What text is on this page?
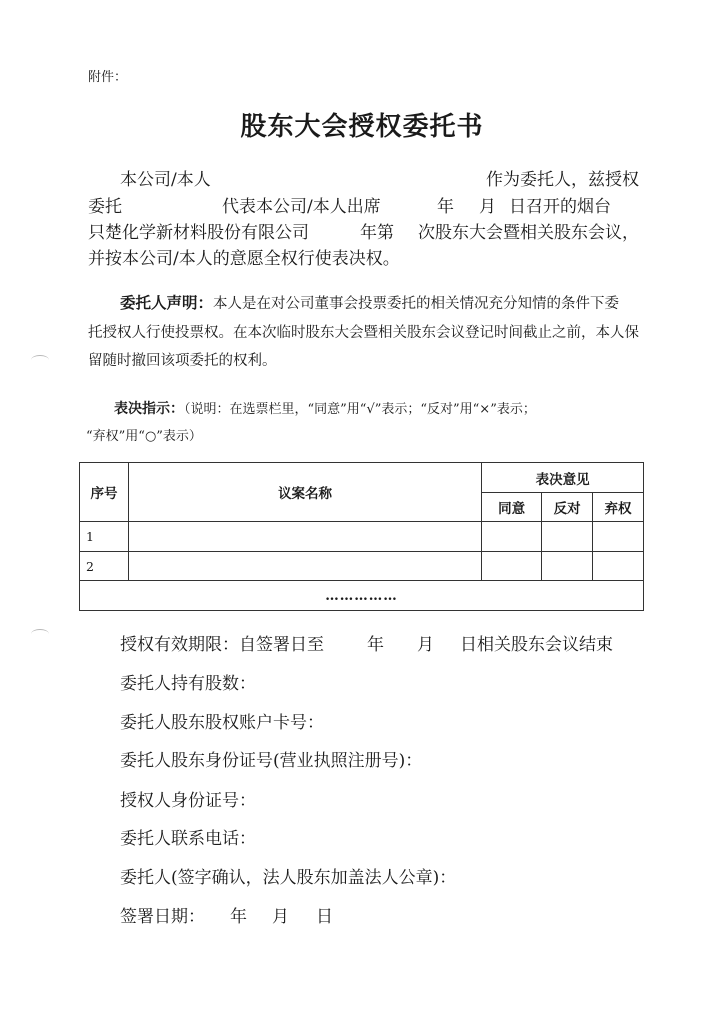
附件：
股东大会授权委托书
本公司/本人	作为委托人，兹授权
委托	代表本公司/本人出席	年 月 日召开的烟台
只楚化学新材料股份有限公司	年第 次股东大会暨相关股东会议，
并按本公司/本人的意愿全权行使表决权。
委托人声明：本人是在对公司董事会投票委托的相关情况充分知情的条件下委
托授权人行使投票权。在本次临时股东大会暨相关股东会议登记时间截止之前，本人保
留随时撤回该项委托的权利。
表决指示：（说明：在选票栏里，“同意”用“√”表示；“反对”用“×”表示；
“弃权”用“○”表示）
序号	议案名称	表决意见		
		同意	反对	弃权
1				
2				
……………				
授权有效期限：自签署日至	年 月 日相关股东会议结束
委托人持有股数：
委托人股东股权账户卡号：
委托人股东身份证号(营业执照注册号)：
授权人身份证号：
委托人联系电话：
委托人(签字确认，法人股东加盖法人公章)：
签署日期： 年 月 日
